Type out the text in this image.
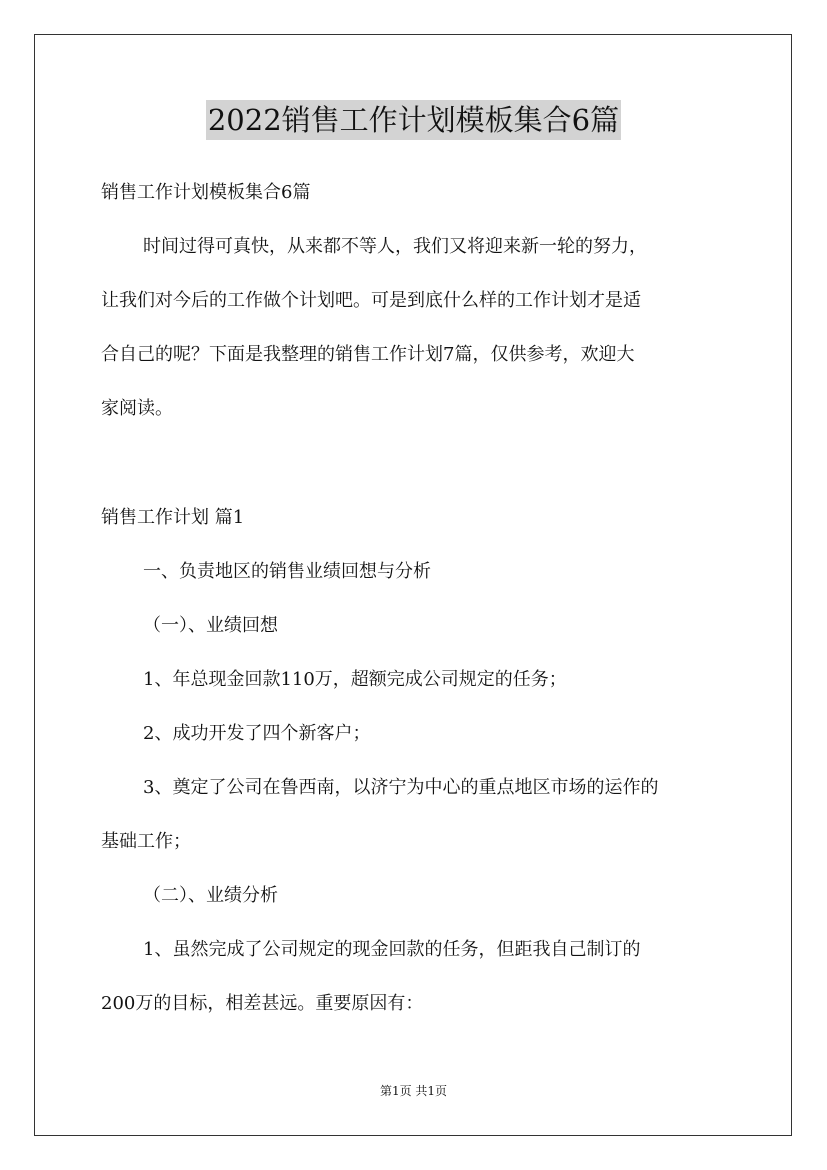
2022销售工作计划模板集合6篇
销售工作计划模板集合6篇
时间过得可真快，从来都不等人，我们又将迎来新一轮的努力，
让我们对今后的工作做个计划吧。可是到底什么样的工作计划才是适
合自己的呢？下面是我整理的销售工作计划7篇，仅供参考，欢迎大
家阅读。
销售工作计划 篇1
一、负责地区的销售业绩回想与分析
（一）、业绩回想
1、年总现金回款110万，超额完成公司规定的任务；
2、成功开发了四个新客户；
3、奠定了公司在鲁西南，以济宁为中心的重点地区市场的运作的
基础工作；
（二）、业绩分析
1、虽然完成了公司规定的现金回款的任务，但距我自己制订的
200万的目标，相差甚远。重要原因有：
第1页 共1页
